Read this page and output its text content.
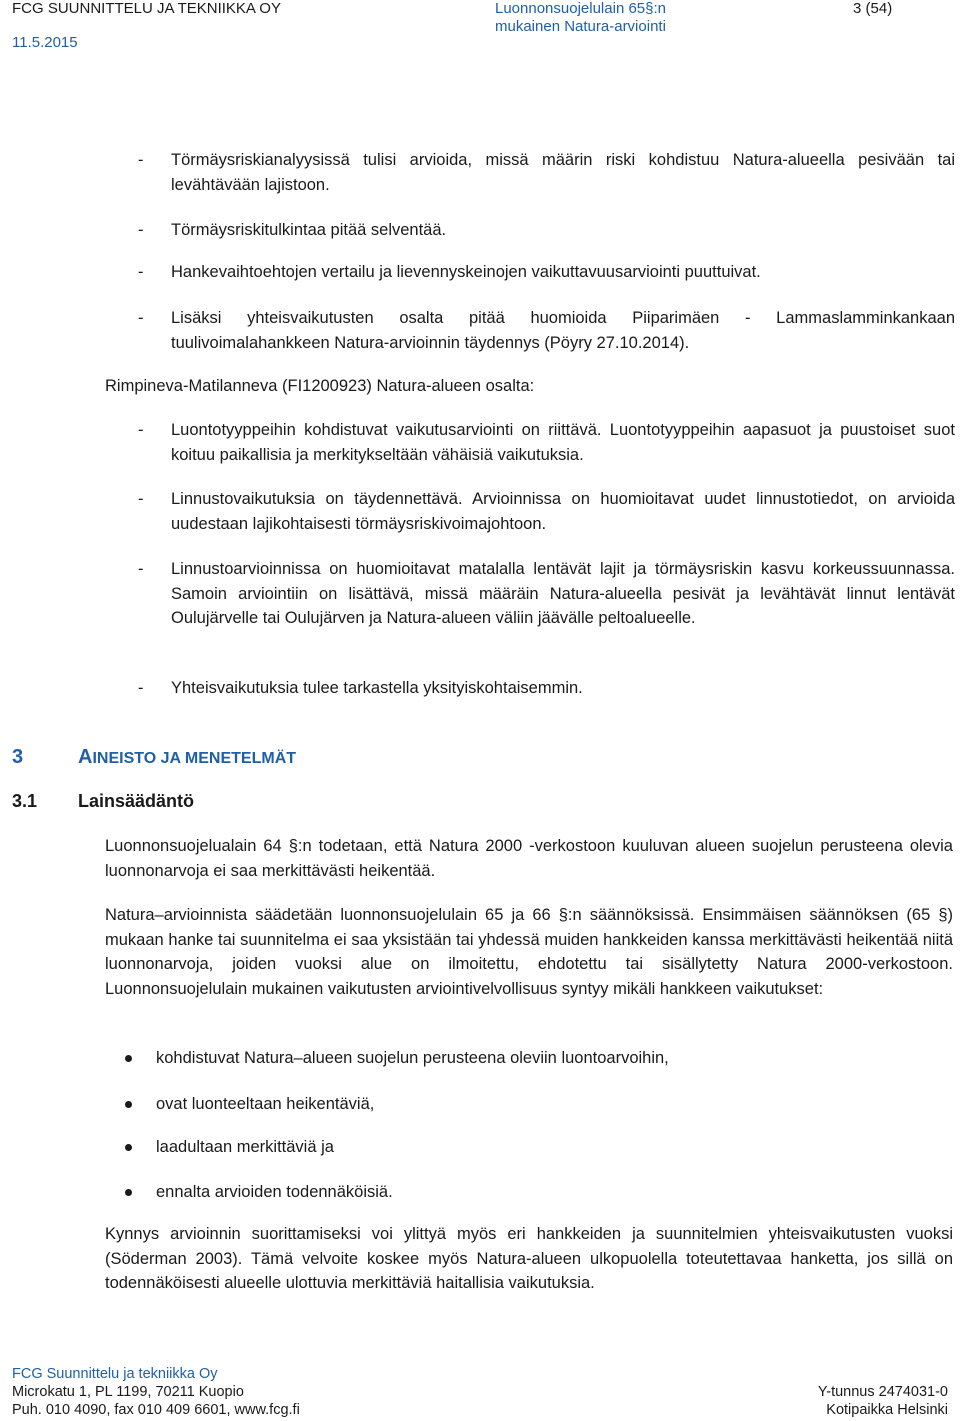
FCG SUUNNITTELU JA TEKNIIKKA OY
11.5.2015
Luonnonsuojelulain 65§:n
mukainen Natura-arviointi
3 (54)
- Törmäysriskianalyysissä tulisi arvioida, missä määrin riski kohdistuu Natura-alueella pesivään tai levähtävään lajistoon.
- Törmäysriskitulkintaa pitää selventää.
- Hankevaihtoehtojen vertailu ja lievennyskeinojen vaikuttavuusarviointi puuttuivat.
- Lisäksi yhteisvaikutusten osalta pitää huomioida Piiparimäen - Lammaslamminkankaan tuulivoimalahankkeen Natura-arvioinnin täydennys (Pöyry 27.10.2014).
Rimpineva-Matilanneva (FI1200923) Natura-alueen osalta:
- Luontotyyppeihin kohdistuvat vaikutusarviointi on riittävä. Luontotyyppeihin aapasuot ja puustoiset suot koituu paikallisia ja merkitykseltään vähäisiä vaikutuksia.
- Linnustovaikutuksia on täydennettävä. Arvioinnissa on huomioitavat uudet linnustotiedot, on arvioida uudestaan lajikohtaisesti törmäysriskivoimajohtoon.
- Linnustoarvioinnissa on huomioitavat matalalla lentävät lajit ja törmäysriskin kasvu korkeussuunnassa. Samoin arviointiin on lisättävä, missä määräin Natura-alueella pesivät ja levähtävät linnut lentävät Oulujärvelle tai Oulujärven ja Natura-alueen väliin jäävälle peltoalueelle.
- Yhteisvaikutuksia tulee tarkastella yksityiskohtaisemmin.
3	AINEISTO JA MENETELMÄT
3.1 Lainsäädäntö
Luonnonsuojelualain 64 §:n todetaan, että Natura 2000 -verkostoon kuuluvan alueen suojelun perusteena olevia luonnonarvoja ei saa merkittävästi heikentää.
Natura–arvioinnista säädetään luonnonsuojelulain 65 ja 66 §:n säännöksissä. Ensimmäisen säännöksen (65 §) mukaan hanke tai suunnitelma ei saa yksistään tai yhdessä muiden hankkeiden kanssa merkittävästi heikentää niitä luonnonarvoja, joiden vuoksi alue on ilmoitettu, ehdotettu tai sisällytetty Natura 2000-verkostoon. Luonnonsuojelulain mukainen vaikutusten arviointivelvollisuus syntyy mikäli hankkeen vaikutukset:
kohdistuvat Natura–alueen suojelun perusteena oleviin luontoarvoihin,
ovat luonteeltaan heikentäviä,
laadultaan merkittäviä ja
ennalta arvioiden todennäköisiä.
Kynnys arvioinnin suorittamiseksi voi ylittyä myös eri hankkeiden ja suunnitelmien yhteisvaikutusten vuoksi (Söderman 2003). Tämä velvoite koskee myös Natura-alueen ulkopuolella toteutettavaa hanketta, jos sillä on todennäköisesti alueelle ulottuvia merkittäviä haitallisia vaikutuksia.
FCG Suunnittelu ja tekniikka Oy
Microkatu 1, PL 1199, 70211 Kuopio
Puh. 010 4090, fax 010 409 6601, www.fcg.fi
Y-tunnus 2474031-0
Kotipaikka Helsinki
